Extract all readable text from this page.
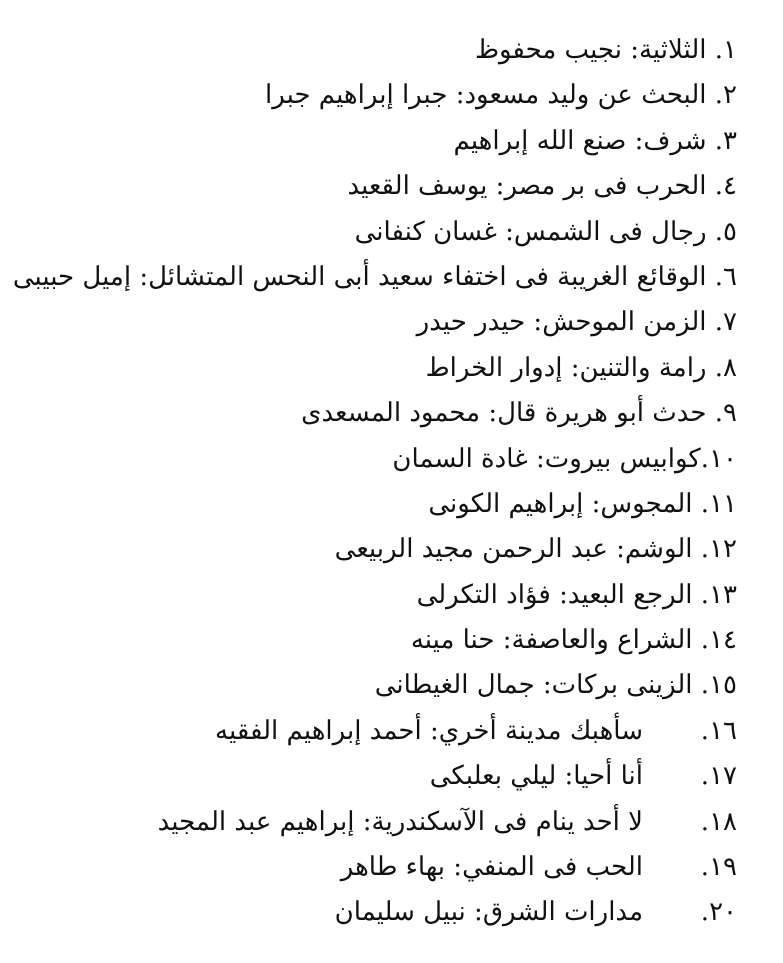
١. الثلاثية: نجيب محفوظ
٢. البحث عن وليد مسعود: جبرا إبراهيم جبرا
٣. شرف: صنع الله إبراهيم
٤. الحرب فى بر مصر: يوسف القعيد
٥. رجال فى الشمس: غسان كنفانى
٦. الوقائع الغريبة فى اختفاء سعيد أبى النحس المتشائل: إميل حبيبى
٧. الزمن الموحش: حيدر حيدر
٨. رامة والتنين: إدوار الخراط
٩. حدث أبو هريرة قال: محمود المسعدى
١٠.كوابيس بيروت: غادة السمان
١١. المجوس: إبراهيم الكونى
١٢. الوشم: عبد الرحمن مجيد الربيعى
١٣. الرجع البعيد: فؤاد التكرلى
١٤. الشراع والعاصفة: حنا مينه
١٥. الزينى بركات: جمال الغيطانى
١٦.سأهبك مدينة أخري: أحمد إبراهيم الفقيه
١٧.أنا أحيا: ليلي بعلبكى
١٨.لا أحد ينام فى الآسكندرية: إبراهيم عبد المجيد
١٩.الحب فى المنفي: بهاء طاهر
٢٠.مدارات الشرق: نبيل سليمان
